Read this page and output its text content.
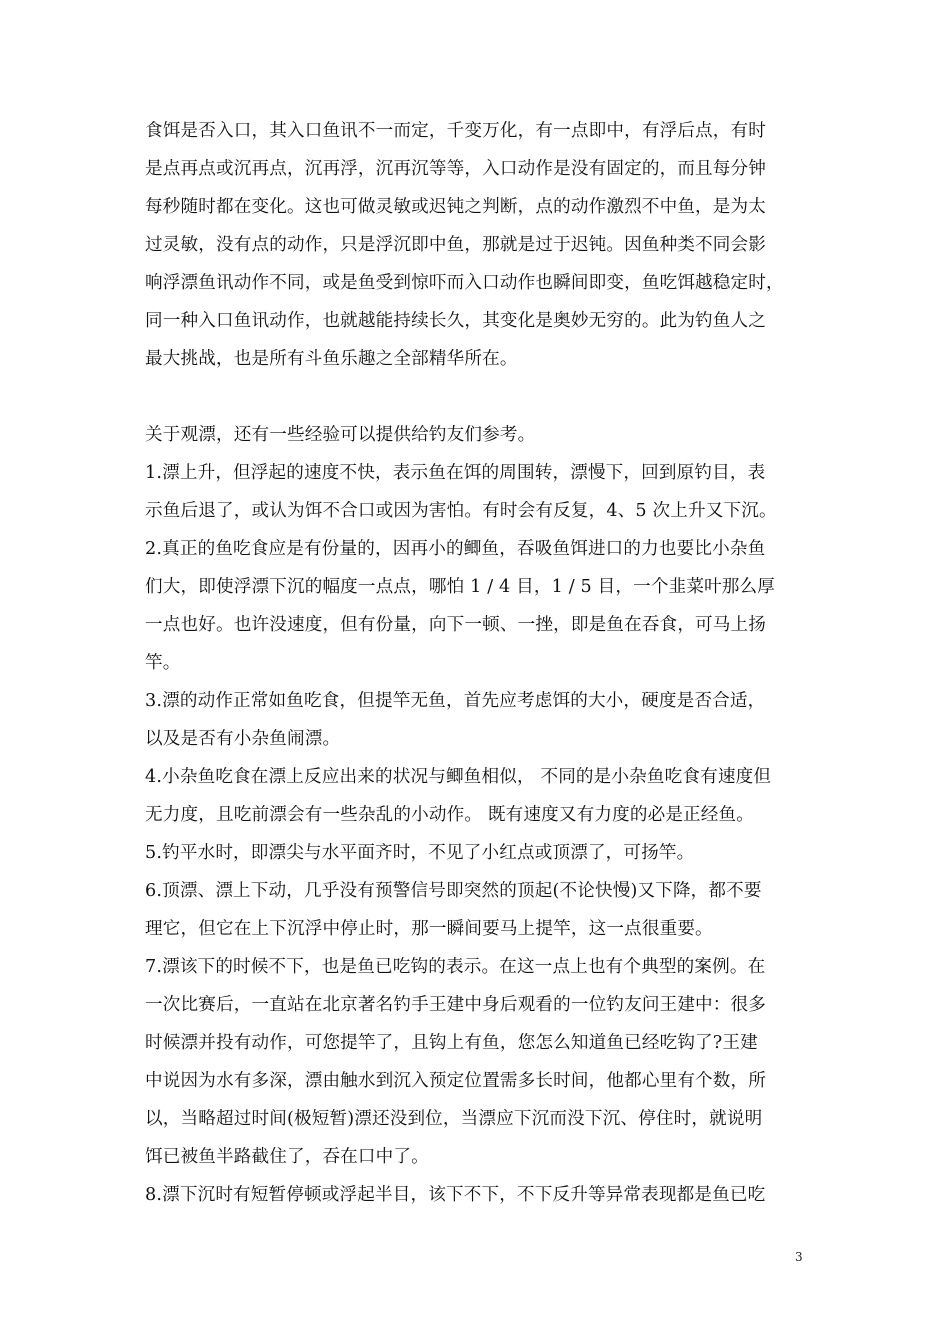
食饵是否入口，其入口鱼讯不一而定，千变万化，有一点即中，有浮后点，有时
是点再点或沉再点，沉再浮，沉再沉等等，入口动作是没有固定的，而且每分钟
每秒随时都在变化。这也可做灵敏或迟钝之判断，点的动作激烈不中鱼，是为太
过灵敏，没有点的动作，只是浮沉即中鱼，那就是过于迟钝。因鱼种类不同会影
响浮漂鱼讯动作不同，或是鱼受到惊吓而入口动作也瞬间即变，鱼吃饵越稳定时，
同一种入口鱼讯动作，也就越能持续长久，其变化是奥妙无穷的。此为钓鱼人之
最大挑战，也是所有斗鱼乐趣之全部精华所在。
关于观漂，还有一些经验可以提供给钓友们参考。
1.漂上升，但浮起的速度不快，表示鱼在饵的周围转，漂慢下，回到原钓目，表
示鱼后退了，或认为饵不合口或因为害怕。有时会有反复，4、5 次上升又下沉。
2.真正的鱼吃食应是有份量的，因再小的鲫鱼，吞吸鱼饵进口的力也要比小杂鱼
们大，即使浮漂下沉的幅度一点点，哪怕 1 / 4 目，1 / 5 目，一个韭菜叶那么厚
一点也好。也许没速度，但有份量，向下一顿、一挫，即是鱼在吞食，可马上扬
竿。
3.漂的动作正常如鱼吃食，但提竿无鱼，首先应考虑饵的大小，硬度是否合适，
以及是否有小杂鱼闹漂。
4.小杂鱼吃食在漂上反应出来的状况与鲫鱼相似， 不同的是小杂鱼吃食有速度但
无力度，且吃前漂会有一些杂乱的小动作。 既有速度又有力度的必是正经鱼。
5.钓平水时，即漂尖与水平面齐时，不见了小红点或顶漂了，可扬竿。
6.顶漂、漂上下动，几乎没有预警信号即突然的顶起(不论快慢)又下降，都不要
理它，但它在上下沉浮中停止时，那一瞬间要马上提竿，这一点很重要。
7.漂该下的时候不下，也是鱼已吃钩的表示。在这一点上也有个典型的案例。在
一次比赛后，一直站在北京著名钓手王建中身后观看的一位钓友问王建中：很多
时候漂并投有动作，可您提竿了，且钩上有鱼，您怎么知道鱼已经吃钩了?王建
中说因为水有多深，漂由触水到沉入预定位置需多长时间，他都心里有个数，所
以，当略超过时间(极短暂)漂还没到位，当漂应下沉而没下沉、停住时，就说明
饵已被鱼半路截住了，吞在口中了。
8.漂下沉时有短暂停顿或浮起半目，该下不下，不下反升等异常表现都是鱼已吃
3
